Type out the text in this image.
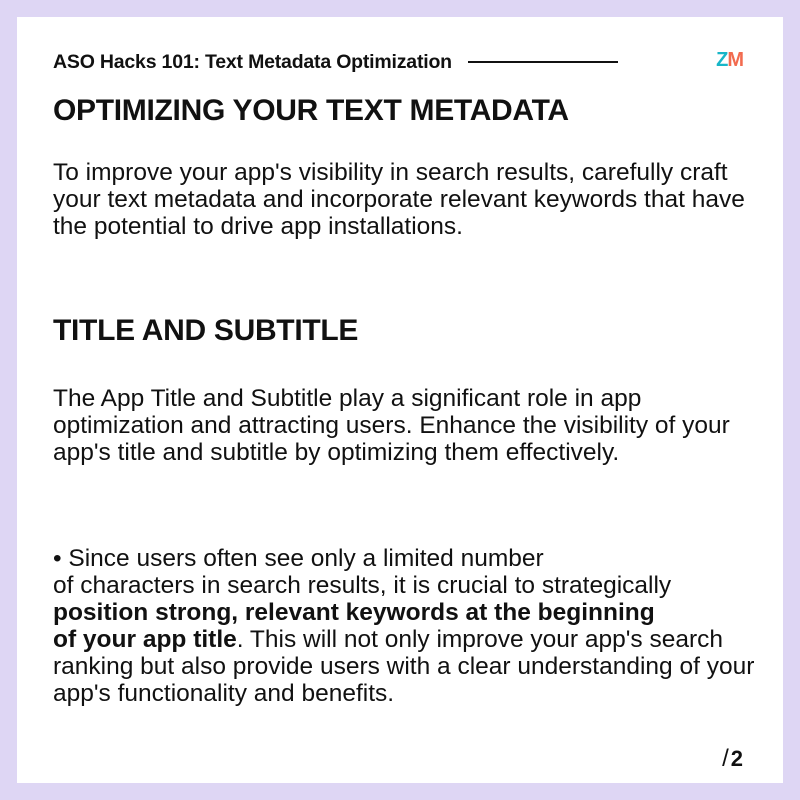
ASO Hacks 101: Text Metadata Optimization	Z M
OPTIMIZING YOUR TEXT METADATA

To improve your app's visibility in search results, carefully craft your text metadata and incorporate relevant keywords that have the potential to drive app installations.

TITLE AND SUBTITLE

The App Title and Subtitle play a significant role in app optimization and attracting users. Enhance the visibility of your app's title and subtitle by optimizing them effectively.

• Since users often see only a limited number
of characters in search results, it is crucial to strategically
position strong, relevant keywords at the beginning
of your app title. This will not only improve your app's search ranking but also provide users with a clear understanding of your app's functionality and benefits.

/ 2
